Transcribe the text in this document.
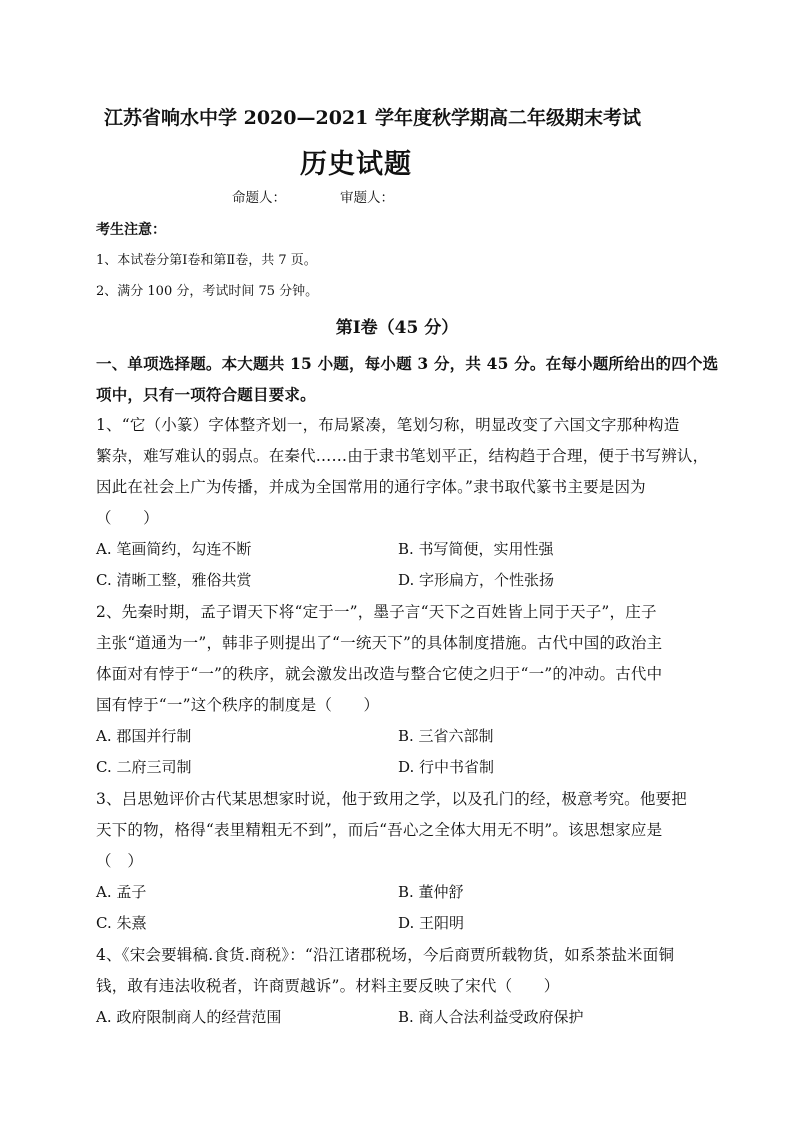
江苏省响水中学 2020—2021 学年度秋学期高二年级期末考试
历史试题
命题人：	审题人：
考生注意：
1、本试卷分第Ⅰ卷和第Ⅱ卷，共 7 页。
2、满分 100 分，考试时间 75 分钟。
第Ⅰ卷（45 分）
一、单项选择题。本大题共 15 小题，每小题 3 分，共 45 分。在每小题所给出的四个选
项中，只有一项符合题目要求。
1、“它（小篆）字体整齐划一，布局紧凑，笔划匀称，明显改变了六国文字那种构造
繁杂，难写难认的弱点。在秦代……由于隶书笔划平正，结构趋于合理，便于书写辨认，
因此在社会上广为传播，并成为全国常用的通行字体。”隶书取代篆书主要是因为
（　　）
A. 笔画简约，勾连不断	B. 书写简便，实用性强
C. 清晰工整，雅俗共赏	D. 字形扁方，个性张扬
2、先秦时期，孟子谓天下将“定于一”，墨子言“天下之百姓皆上同于天子”，庄子
主张“道通为一”，韩非子则提出了“一统天下”的具体制度措施。古代中国的政治主
体面对有悖于“一”的秩序，就会激发出改造与整合它使之归于“一”的冲动。古代中
国有悖于“一”这个秩序的制度是（　　）
A. 郡国并行制	B. 三省六部制
C. 二府三司制	D. 行中书省制
3、吕思勉评价古代某思想家时说，他于致用之学，以及孔门的经，极意考究。他要把
天下的物，格得“表里精粗无不到”，而后“吾心之全体大用无不明”。该思想家应是
（　）
A. 孟子	B. 董仲舒
C. 朱熹	D. 王阳明
4、《宋会要辑稿.食货.商税》：“沿江诸郡税场，今后商贾所载物货，如系茶盐米面铜
钱，敢有违法收税者，许商贾越诉”。材料主要反映了宋代（　　）
A. 政府限制商人的经营范围	B. 商人合法利益受政府保护
